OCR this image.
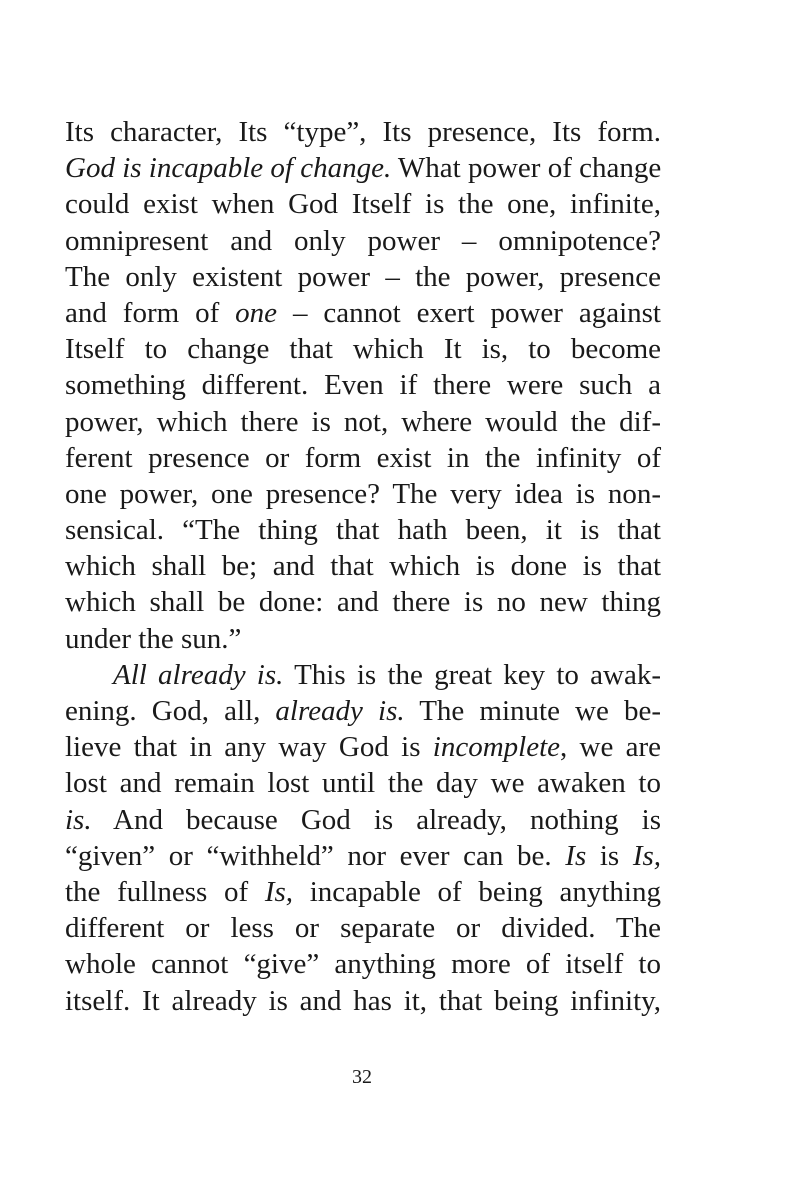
Its character, Its “type”, Its presence, Its form.
God is incapable of change. What power of change
could exist when God Itself is the one, infinite,
omnipresent and only power – omnipotence?
The only existent power – the power, presence
and form of one – cannot exert power against
Itself to change that which It is, to become
something different. Even if there were such a
power, which there is not, where would the dif-
ferent presence or form exist in the infinity of
one power, one presence? The very idea is non-
sensical. “The thing that hath been, it is that
which shall be; and that which is done is that
which shall be done: and there is no new thing
under the sun.”
All already is. This is the great key to awak-
ening. God, all, already is. The minute we be-
lieve that in any way God is incomplete, we are
lost and remain lost until the day we awaken to
is. And because God is already, nothing is
“given” or “withheld” nor ever can be. Is is Is,
the fullness of Is, incapable of being anything
different or less or separate or divided. The
whole cannot “give” anything more of itself to
itself. It already is and has it, that being infinity,
32
